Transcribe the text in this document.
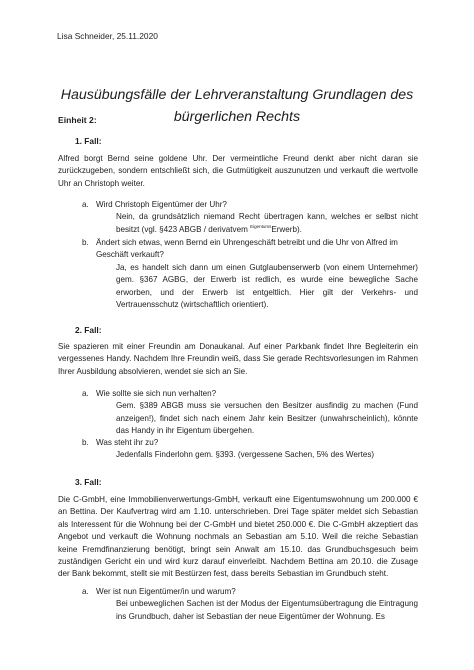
Lisa Schneider, 25.11.2020
Hausübungsfälle der Lehrveranstaltung Grundlagen des
bürgerlichen Rechts
Einheit 2:
1. Fall:
Alfred borgt Bernd seine goldene Uhr. Der vermeintliche Freund denkt aber nicht daran sie zurückzugeben, sondern entschließt sich, die Gutmütigkeit auszunutzen und verkauft die wertvolle Uhr an Christoph weiter.
a. Wird Christoph Eigentümer der Uhr?
Nein, da grundsätzlich niemand Recht übertragen kann, welches er selbst nicht besitzt (vgl. §423 ABGB / derivatvem $^{Eigentums}$Erwerb).
b. Ändert sich etwas, wenn Bernd ein Uhrengeschäft betreibt und die Uhr von Alfred im Geschäft verkauft?
Ja, es handelt sich dann um einen Gutglaubenserwerb (von einem Unternehmer) gem. §367 AGBG, der Erwerb ist redlich, es wurde eine bewegliche Sache erworben, und der Erwerb ist entgeltlich. Hier gilt der Verkehrs- und Vertrauensschutz (wirtschaftlich orientiert).
2. Fall:
Sie spazieren mit einer Freundin am Donaukanal. Auf einer Parkbank findet Ihre Begleiterin ein vergessenes Handy. Nachdem Ihre Freundin weiß, dass Sie gerade Rechtsvorlesungen im Rahmen Ihrer Ausbildung absolvieren, wendet sie sich an Sie.
a. Wie sollte sie sich nun verhalten?
Gem. §389 ABGB muss sie versuchen den Besitzer ausfindig zu machen (Fund anzeigen!), findet sich nach einem Jahr kein Besitzer (unwahrscheinlich), könnte das Handy in ihr Eigentum übergehen.
b. Was steht ihr zu?
Jedenfalls Finderlohn gem. §393. (vergessene Sachen, 5% des Wertes)
3. Fall:
Die C-GmbH, eine Immobilienverwertungs-GmbH, verkauft eine Eigentumswohnung um 200.000 € an Bettina. Der Kaufvertrag wird am 1.10. unterschrieben. Drei Tage später meldet sich Sebastian als Interessent für die Wohnung bei der C-GmbH und bietet 250.000 €. Die C-GmbH akzeptiert das Angebot und verkauft die Wohnung nochmals an Sebastian am 5.10. Weil die reiche Sebastian keine Fremdfinanzierung benötigt, bringt sein Anwalt am 15.10. das Grundbuchsgesuch beim zuständigen Gericht ein und wird kurz darauf einverleibt. Nachdem Bettina am 20.10. die Zusage der Bank bekommt, stellt sie mit Bestürzen fest, dass bereits Sebastian im Grundbuch steht.
a. Wer ist nun Eigentümer/in und warum?
Bei unbeweglichen Sachen ist der Modus der Eigentumsübertragung die Eintragung ins Grundbuch, daher ist Sebastian der neue Eigentümer der Wohnung. Es
